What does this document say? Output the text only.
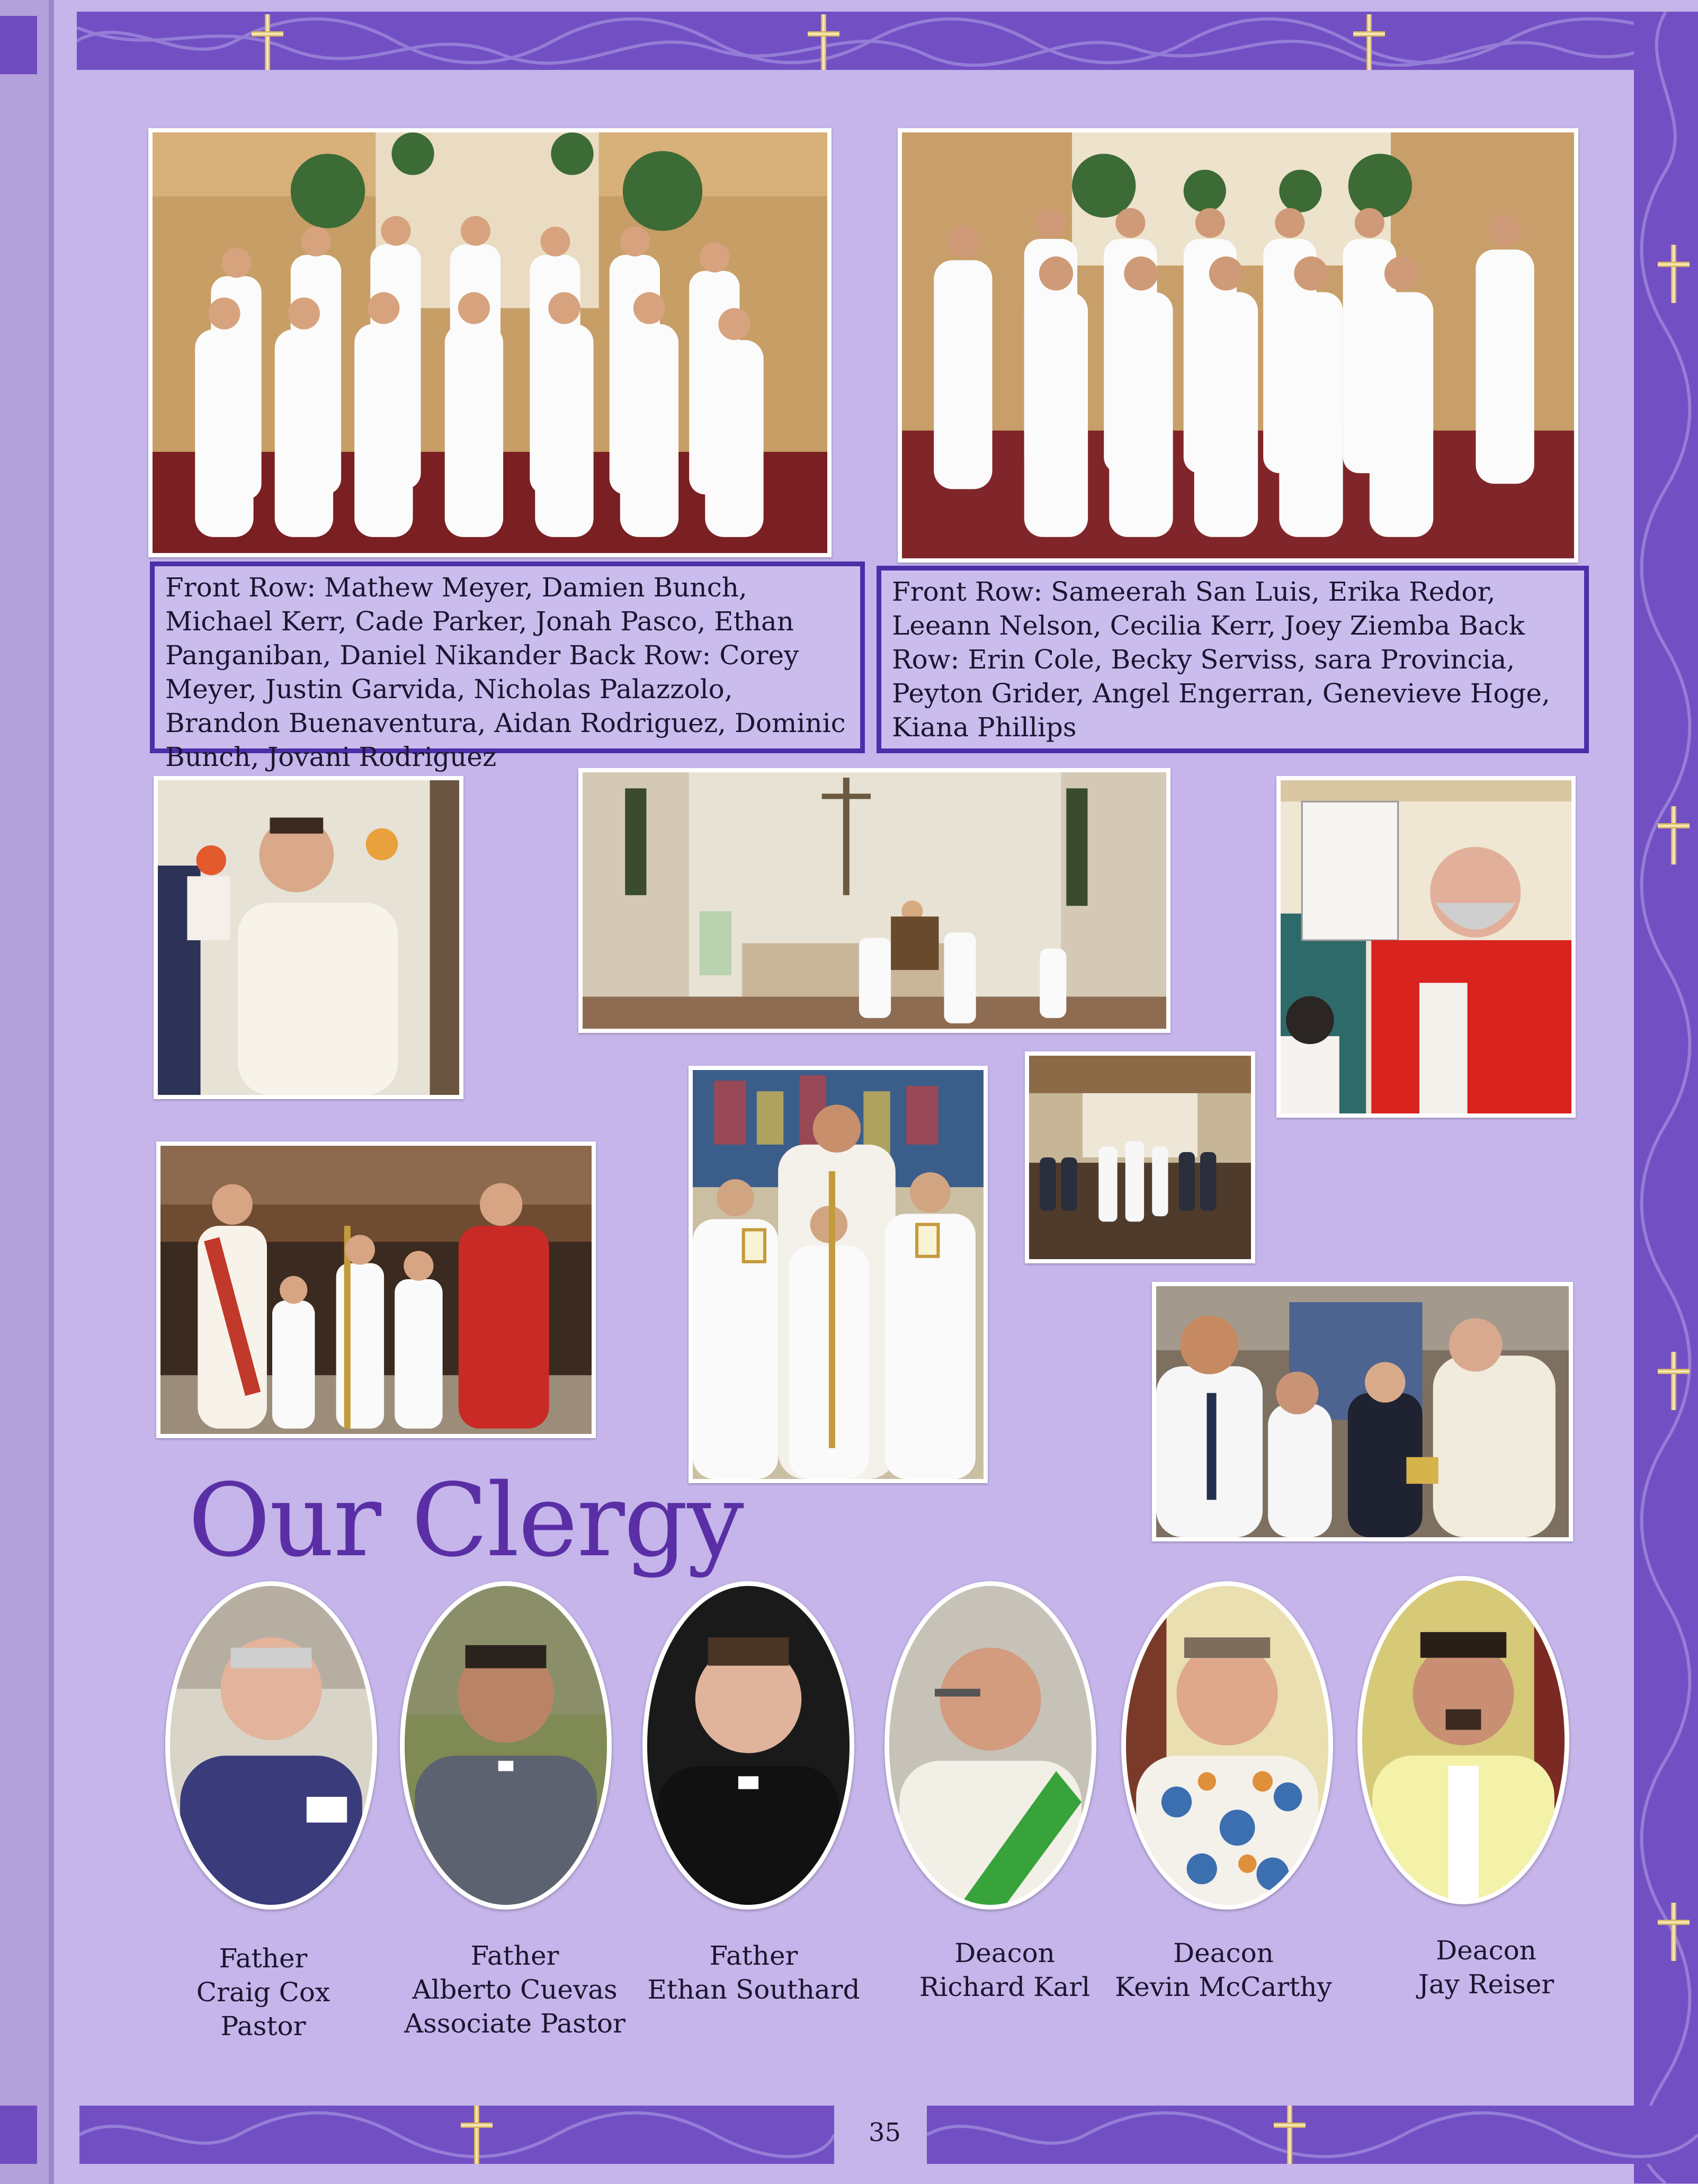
Front Row: Mathew Meyer, Damien Bunch, Michael Kerr, Cade Parker, Jonah Pasco, Ethan Panganiban, Daniel Nikander Back Row: Corey Meyer, Justin Garvida, Nicholas Palazzolo, Brandon Buenaventura, Aidan Rodriguez, Dominic Bunch, Jovani Rodriguez
Front Row: Sameerah San Luis, Erika Redor, Leeann Nelson, Cecilia Kerr, Joey Ziemba Back Row: Erin Cole, Becky Serviss, sara Provincia, Peyton Grider, Angel Engerran, Genevieve Hoge, Kiana Phillips
Our Clergy
Father
Craig Cox
Pastor
Father
Alberto Cuevas
Associate Pastor
Father
Ethan Southard
Deacon
Richard Karl
Deacon
Kevin McCarthy
Deacon
Jay Reiser
35
